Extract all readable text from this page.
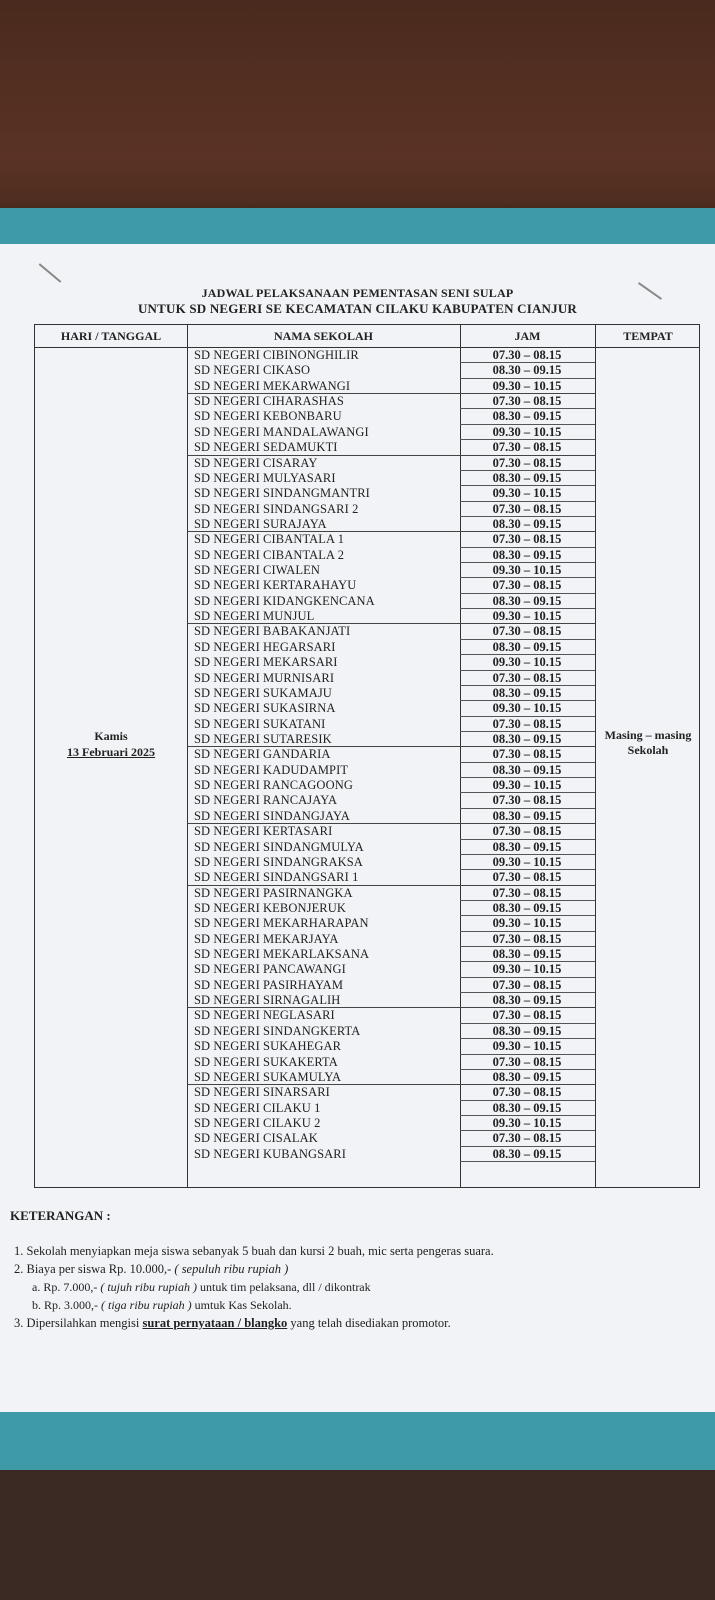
JADWAL PELAKSANAAN PEMENTASAN SENI SULAP
UNTUK SD NEGERI SE KECAMATAN CILAKU KABUPATEN CIANJUR
HARI / TANGGAL	NAMA SEKOLAH	JAM	TEMPAT
Kamis
13 Februari 2025
Masing – masing
Sekolah
SD NEGERI CIBINONGHILIR	07.30 – 08.15
SD NEGERI CIKASO	08.30 – 09.15
SD NEGERI MEKARWANGI	09.30 – 10.15
SD NEGERI CIHARASHAS	07.30 – 08.15
SD NEGERI KEBONBARU	08.30 – 09.15
SD NEGERI MANDALAWANGI	09.30 – 10.15
SD NEGERI SEDAMUKTI	07.30 – 08.15
SD NEGERI CISARAY	07.30 – 08.15
SD NEGERI MULYASARI	08.30 – 09.15
SD NEGERI SINDANGMANTRI	09.30 – 10.15
SD NEGERI SINDANGSARI 2	07.30 – 08.15
SD NEGERI SURAJAYA	08.30 – 09.15
SD NEGERI CIBANTALA 1	07.30 – 08.15
SD NEGERI CIBANTALA 2	08.30 – 09.15
SD NEGERI CIWALEN	09.30 – 10.15
SD NEGERI KERTARAHAYU	07.30 – 08.15
SD NEGERI KIDANGKENCANA	08.30 – 09.15
SD NEGERI MUNJUL	09.30 – 10.15
SD NEGERI BABAKANJATI	07.30 – 08.15
SD NEGERI HEGARSARI	08.30 – 09.15
SD NEGERI MEKARSARI	09.30 – 10.15
SD NEGERI MURNISARI	07.30 – 08.15
SD NEGERI SUKAMAJU	08.30 – 09.15
SD NEGERI SUKASIRNA	09.30 – 10.15
SD NEGERI SUKATANI	07.30 – 08.15
SD NEGERI SUTARESIK	08.30 – 09.15
SD NEGERI GANDARIA	07.30 – 08.15
SD NEGERI KADUDAMPIT	08.30 – 09.15
SD NEGERI RANCAGOONG	09.30 – 10.15
SD NEGERI RANCAJAYA	07.30 – 08.15
SD NEGERI SINDANGJAYA	08.30 – 09.15
SD NEGERI KERTASARI	07.30 – 08.15
SD NEGERI SINDANGMULYA	08.30 – 09.15
SD NEGERI SINDANGRAKSA	09.30 – 10.15
SD NEGERI SINDANGSARI 1	07.30 – 08.15
SD NEGERI PASIRNANGKA	07.30 – 08.15
SD NEGERI KEBONJERUK	08.30 – 09.15
SD NEGERI MEKARHARAPAN	09.30 – 10.15
SD NEGERI MEKARJAYA	07.30 – 08.15
SD NEGERI MEKARLAKSANA	08.30 – 09.15
SD NEGERI PANCAWANGI	09.30 – 10.15
SD NEGERI PASIRHAYAM	07.30 – 08.15
SD NEGERI SIRNAGALIH	08.30 – 09.15
SD NEGERI NEGLASARI	07.30 – 08.15
SD NEGERI SINDANGKERTA	08.30 – 09.15
SD NEGERI SUKAHEGAR	09.30 – 10.15
SD NEGERI SUKAKERTA	07.30 – 08.15
SD NEGERI SUKAMULYA	08.30 – 09.15
SD NEGERI SINARSARI	07.30 – 08.15
SD NEGERI CILAKU 1	08.30 – 09.15
SD NEGERI CILAKU 2	09.30 – 10.15
SD NEGERI CISALAK	07.30 – 08.15
SD NEGERI KUBANGSARI	08.30 – 09.15
KETERANGAN :
1. Sekolah menyiapkan meja siswa sebanyak 5 buah dan kursi 2 buah, mic serta pengeras suara.
2. Biaya per siswa Rp. 10.000,- ( sepuluh ribu rupiah )
a. Rp. 7.000,- ( tujuh ribu rupiah ) untuk tim pelaksana, dll / dikontrak
b. Rp. 3.000,- ( tiga ribu rupiah ) umtuk Kas Sekolah.
3. Dipersilahkan mengisi surat pernyataan / blangko yang telah disediakan promotor.
